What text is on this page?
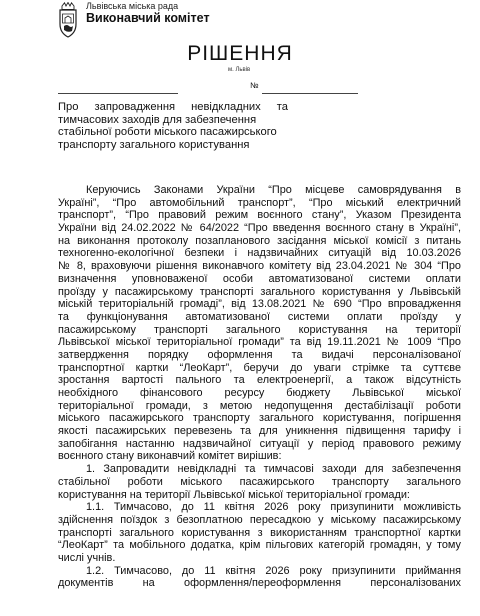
Львівська міська рада
Виконавчий комітет
РІШЕННЯ
м. Львів
№
Про запровадження невідкладних та
тимчасових заходів для забезпечення
стабільної роботи міського пасажирського
транспорту загального користування
Керуючись Законами України “Про місцеве самоврядування в
Україні”, “Про автомобільний транспорт”, “Про міський електричний
транспорт”, “Про правовий режим воєнного стану”, Указом Президента
України від 24.02.2022 № 64/2022 “Про введення воєнного стану в Україні”,
на виконання протоколу позапланового засідання міської комісії з питань
техногенно-екологічної безпеки і надзвичайних ситуацій від 10.03.2026
№ 8, враховуючи рішення виконавчого комітету від 23.04.2021 № 304 “Про
визначення уповноваженої особи автоматизованої системи оплати
проїзду у пасажирському транспорті загального користування у Львівській
міській територіальній громаді”, від 13.08.2021 № 690 “Про впровадження
та функціонування автоматизованої системи оплати проїзду у
пасажирському транспорті загального користування на території
Львівської міської територіальної громади” та від 19.11.2021 № 1009 “Про
затвердження порядку оформлення та видачі персоналізованої
транспортної картки “ЛеоКарт”, беручи до уваги стрімке та суттєве
зростання вартості пального та електроенергії, а також відсутність
необхідного фінансового ресурсу бюджету Львівської міської
територіальної громади, з метою недопущення дестабілізації роботи
міського пасажирського транспорту загального користування, погіршення
якості пасажирських перевезень та для уникнення підвищення тарифу і
запобігання настанню надзвичайної ситуації у період правового режиму
воєнного стану виконавчий комітет вирішив:
1. Запровадити невідкладні та тимчасові заходи для забезпечення
стабільної роботи міського пасажирського транспорту загального
користування на території Львівської міської територіальної громади:
1.1. Тимчасово, до 11 квітня 2026 року призупинити можливість
здійснення поїздок з безоплатною пересадкою у міському пасажирському
транспорті загального користування з використанням транспортної картки
“ЛеоКарт” та мобільного додатка, крім пільгових категорій громадян, у тому
числі учнів.
1.2. Тимчасово, до 11 квітня 2026 року призупинити приймання
документів на оформлення/переоформлення персоналізованих
